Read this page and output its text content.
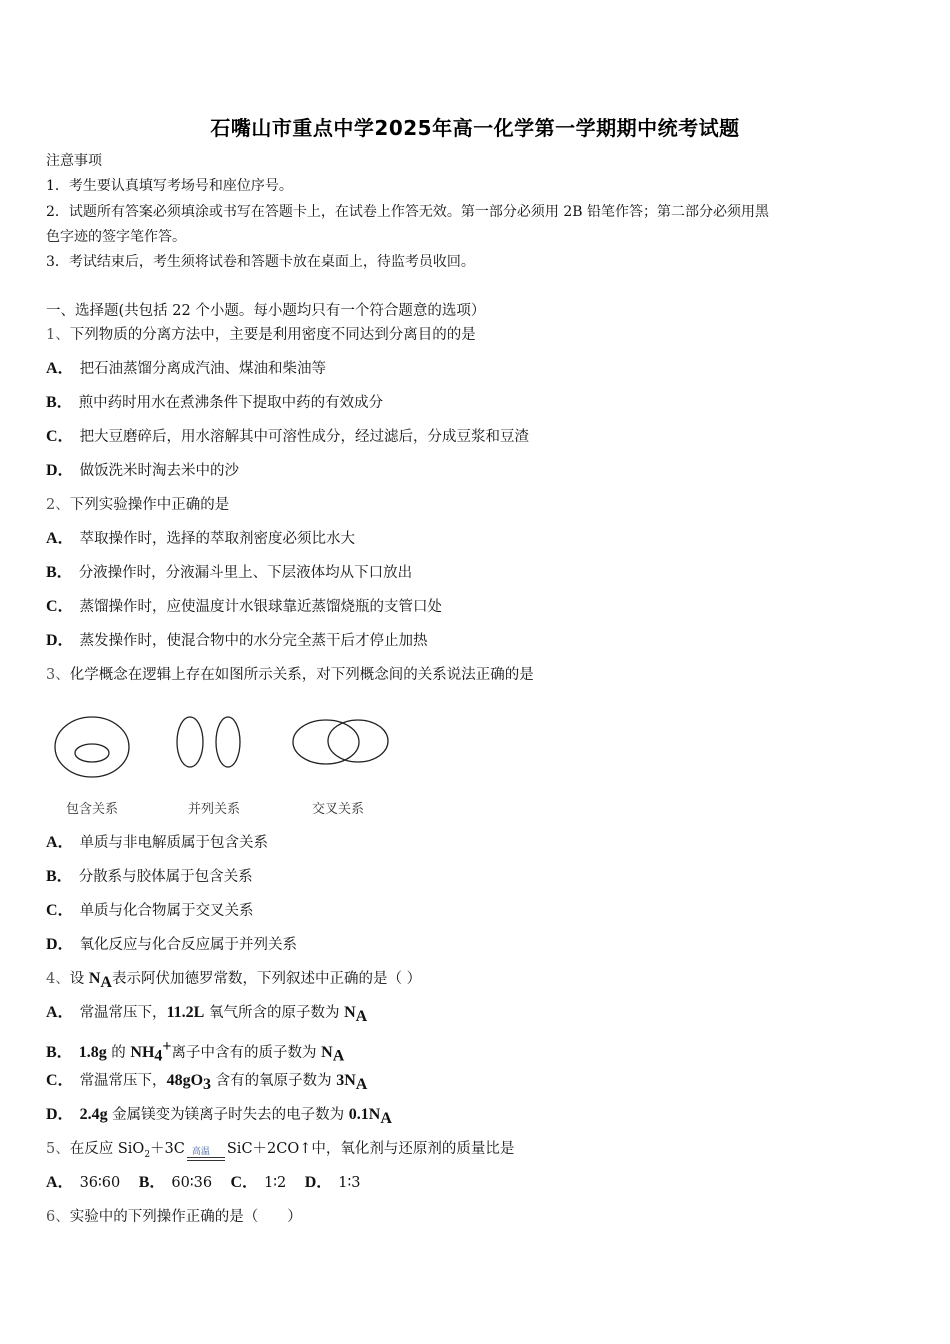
石嘴山市重点中学2025年高一化学第一学期期中统考试题
注意事项
1．考生要认真填写考场号和座位序号。
2．试题所有答案必须填涂或书写在答题卡上，在试卷上作答无效。第一部分必须用 2B 铅笔作答；第二部分必须用黑
色字迹的签字笔作答。
3．考试结束后，考生须将试卷和答题卡放在桌面上，待监考员收回。
一、选择题(共包括 22 个小题。每小题均只有一个符合题意的选项）
1、下列物质的分离方法中，主要是利用密度不同达到分离目的的是
A． 把石油蒸馏分离成汽油、煤油和柴油等
B． 煎中药时用水在煮沸条件下提取中药的有效成分
C． 把大豆磨碎后，用水溶解其中可溶性成分，经过滤后，分成豆浆和豆渣
D． 做饭洗米时淘去米中的沙
2、下列实验操作中正确的是
A． 萃取操作时，选择的萃取剂密度必须比水大
B． 分液操作时，分液漏斗里上、下层液体均从下口放出
C． 蒸馏操作时，应使温度计水银球靠近蒸馏烧瓶的支管口处
D． 蒸发操作时，使混合物中的水分完全蒸干后才停止加热
3、化学概念在逻辑上存在如图所示关系，对下列概念间的关系说法正确的是
包含关系	并列关系	交叉关系
A． 单质与非电解质属于包含关系
B． 分散系与胶体属于包含关系
C． 单质与化合物属于交叉关系
D． 氧化反应与化合反应属于并列关系
4、设 $N_A$表示阿伏加德罗常数，下列叙述中正确的是（ ）
A． 常温常压下，11.2L 氧气所含的原子数为 $N_A$
B． 1.8g 的 $NH_4^+$离子中含有的质子数为 $N_A$
C． 常温常压下，$48gO_3$ 含有的氧原子数为 $3N_A$
D． 2.4g 金属镁变为镁离子时失去的电子数为 $0.1N_A$
5、在反应 SiO$_2$＋3C 高温 SiC＋2CO↑中，氧化剂与还原剂的质量比是
A． 36∶60 B． 60∶36 C． 1∶2 D． 1∶3
6、实验中的下列操作正确的是（　　）
